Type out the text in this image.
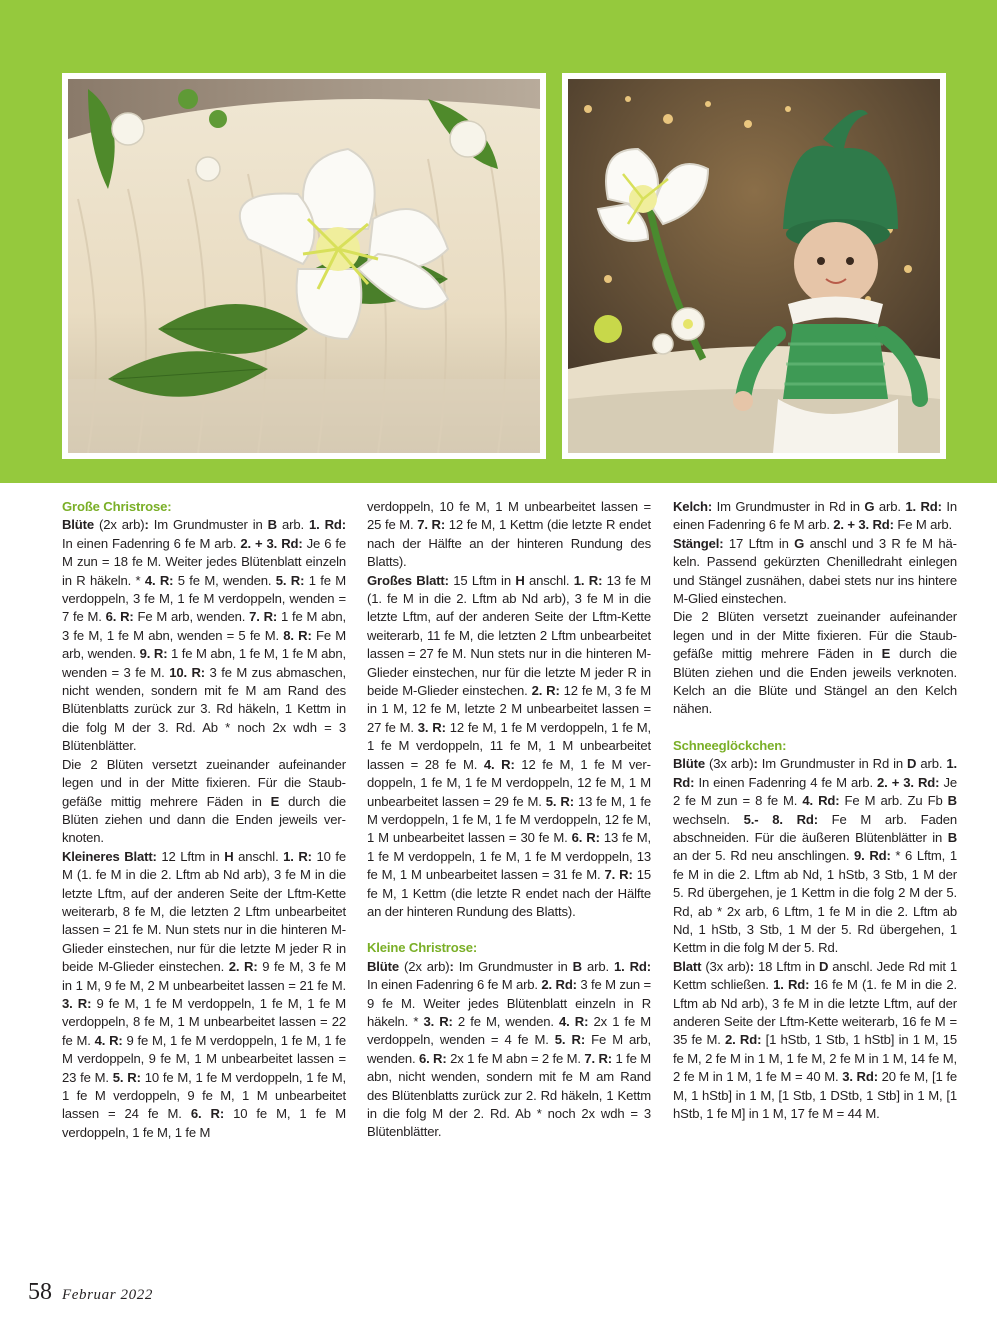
Große Christrose:

Blüte (2x arb): Im Grundmuster in B arb. 1. Rd: In einen Fadenring 6 fe M arb. 2. + 3. Rd: Je 6 fe M zun = 18 fe M. Weiter jedes Blütenblatt einzeln in R häkeln. * 4. R: 5 fe M, wenden. 5. R: 1 fe M verdoppeln, 3 fe M, 1 fe M verdoppeln, wenden = 7 fe M. 6. R: Fe M arb, wenden. 7. R: 1 fe M abn, 3 fe M, 1 fe M abn, wenden = 5 fe M. 8. R: Fe M arb, wenden. 9. R: 1 fe M abn, 1 fe M, 1 fe M abn, wenden = 3 fe M. 10. R: 3 fe M zus abmaschen, nicht wenden, sondern mit fe M am Rand des Blütenblatts zurück zur 3. Rd häkeln, 1 Kettm in die folg M der 3. Rd. Ab * noch 2x wdh = 3 Blütenblätter.

Die 2 Blüten versetzt zueinander aufeinander legen und in der Mitte fixieren. Für die Staubgefäße mittig mehrere Fäden in E durch die Blüten ziehen und dann die Enden jeweils verknoten.

Kleineres Blatt: 12 Lftm in H anschl. 1. R: 10 fe M (1. fe M in die 2. Lftm ab Nd arb), 3 fe M in die letzte Lftm, auf der anderen Seite der Lftm-Kette weiterarb, 8 fe M, die letzten 2 Lftm unbearbeitet lassen = 21 fe M. Nun stets nur in die hinteren M-Glieder einstechen, nur für die letzte M jeder R in beide M-Glieder einstechen. 2. R: 9 fe M, 3 fe M in 1 M, 9 fe M, 2 M unbearbeitet lassen = 21 fe M. 3. R: 9 fe M, 1 fe M verdoppeln, 1 fe M, 1 fe M verdoppeln, 8 fe M, 1 M unbearbeitet lassen = 22 fe M. 4. R: 9 fe M, 1 fe M verdoppeln, 1 fe M, 1 fe M verdoppeln, 9 fe M, 1 M unbearbeitet lassen = 23 fe M. 5. R: 10 fe M, 1 fe M verdoppeln, 1 fe M, 1 fe M verdoppeln, 9 fe M, 1 M unbearbeitet lassen = 24 fe M. 6. R: 10 fe M, 1 fe M verdoppeln, 1 fe M, 1 fe M

verdoppeln, 10 fe M, 1 M unbearbeitet lassen = 25 fe M. 7. R: 12 fe M, 1 Kettm (die letzte R endet nach der Hälfte an der hinteren Rundung des Blatts).

Großes Blatt: 15 Lftm in H anschl. 1. R: 13 fe M (1. fe M in die 2. Lftm ab Nd arb), 3 fe M in die letzte Lftm, auf der anderen Seite der Lftm-Kette weiterarb, 11 fe M, die letzten 2 Lftm unbearbeitet lassen = 27 fe M. Nun stets nur in die hinteren M-Glieder einstechen, nur für die letzte M jeder R in beide M-Glieder einstechen. 2. R: 12 fe M, 3 fe M in 1 M, 12 fe M, letzte 2 M unbearbeitet lassen = 27 fe M. 3. R: 12 fe M, 1 fe M verdoppeln, 1 fe M, 1 fe M verdoppeln, 11 fe M, 1 M unbearbeitet lassen = 28 fe M. 4. R: 12 fe M, 1 fe M verdoppeln, 1 fe M, 1 fe M verdoppeln, 12 fe M, 1 M unbearbeitet lassen = 29 fe M. 5. R: 13 fe M, 1 fe M verdoppeln, 1 fe M, 1 fe M verdoppeln, 12 fe M, 1 M unbearbeitet lassen = 30 fe M. 6. R: 13 fe M, 1 fe M verdoppeln, 1 fe M, 1 fe M verdoppeln, 13 fe M, 1 M unbearbeitet lassen = 31 fe M. 7. R: 15 fe M, 1 Kettm (die letzte R endet nach der Hälfte an der hinteren Rundung des Blatts).

Kleine Christrose:

Blüte (2x arb): Im Grundmuster in B arb. 1. Rd: In einen Fadenring 6 fe M arb. 2. Rd: 3 fe M zun = 9 fe M. Weiter jedes Blütenblatt einzeln in R häkeln. * 3. R: 2 fe M, wenden. 4. R: 2x 1 fe M verdoppeln, wenden = 4 fe M. 5. R: Fe M arb, wenden. 6. R: 2x 1 fe M abn = 2 fe M. 7. R: 1 fe M abn, nicht wenden, sondern mit fe M am Rand des Blütenblatts zurück zur 2. Rd häkeln, 1 Kettm in die folg M der 2. Rd. Ab * noch 2x wdh = 3 Blütenblätter.

Kelch: Im Grundmuster in Rd in G arb. 1. Rd: In einen Fadenring 6 fe M arb. 2. + 3. Rd: Fe M arb.

Stängel: 17 Lftm in G anschl und 3 R fe M häkeln. Passend gekürzten Chenilledraht einlegen und Stängel zusnähen, dabei stets nur ins hintere M-Glied einstechen.

Die 2 Blüten versetzt zueinander aufeinander legen und in der Mitte fixieren. Für die Staubgefäße mittig mehrere Fäden in E durch die Blüten ziehen und die Enden jeweils verknoten. Kelch an die Blüte und Stängel an den Kelch nähen.

Schneeglöckchen:

Blüte (3x arb): Im Grundmuster in Rd in D arb. 1. Rd: In einen Fadenring 4 fe M arb. 2. + 3. Rd: Je 2 fe M zun = 8 fe M. 4. Rd: Fe M arb. Zu Fb B wechseln. 5.- 8. Rd: Fe M arb. Faden abschneiden. Für die äußeren Blütenblätter in B an der 5. Rd neu anschlingen. 9. Rd: * 6 Lftm, 1 fe M in die 2. Lftm ab Nd, 1 hStb, 3 Stb, 1 M der 5. Rd übergehen, je 1 Kettm in die folg 2 M der 5. Rd, ab * 2x arb, 6 Lftm, 1 fe M in die 2. Lftm ab Nd, 1 hStb, 3 Stb, 1 M der 5. Rd übergehen, 1 Kettm in die folg M der 5. Rd.

Blatt (3x arb): 18 Lftm in D anschl. Jede Rd mit 1 Kettm schließen. 1. Rd: 16 fe M (1. fe M in die 2. Lftm ab Nd arb), 3 fe M in die letzte Lftm, auf der anderen Seite der Lftm-Kette weiterarb, 16 fe M = 35 fe M. 2. Rd: [1 hStb, 1 Stb, 1 hStb] in 1 M, 15 fe M, 2 fe M in 1 M, 1 fe M, 2 fe M in 1 M, 14 fe M, 2 fe M in 1 M, 1 fe M = 40 M. 3. Rd: 20 fe M, [1 fe M, 1 hStb] in 1 M, [1 Stb, 1 DStb, 1 Stb] in 1 M, [1 hStb, 1 fe M] in 1 M, 17 fe M = 44 M.

58 Februar 2022
